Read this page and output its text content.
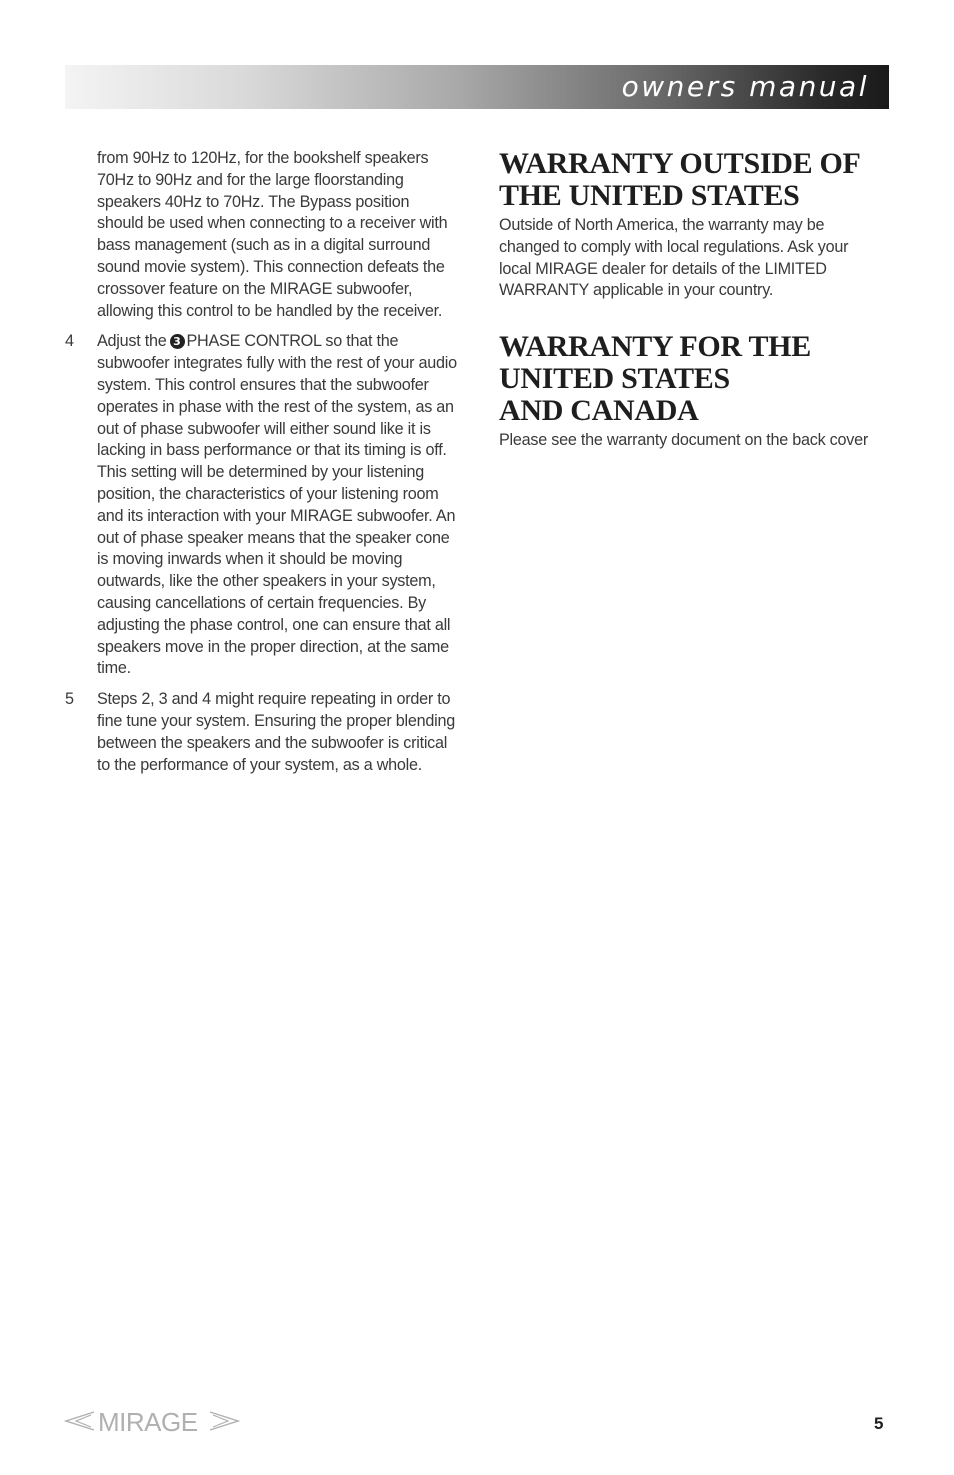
owners manual

from 90Hz to 120Hz, for the bookshelf speakers 70Hz to 90Hz and for the large floorstanding speakers 40Hz to 70Hz. The Bypass position should be used when connecting to a receiver with bass management (such as in a digital surround sound movie system). This connection defeats the crossover feature on the MIRAGE subwoofer, allowing this control to be handled by the receiver.

4	Adjust the 3 PHASE CONTROL so that the subwoofer integrates fully with the rest of your audio system. This control ensures that the subwoofer operates in phase with the rest of the system, as an out of phase subwoofer will either sound like it is lacking in bass performance or that its timing is off. This setting will be determined by your listening position, the characteristics of your listening room and its interaction with your MIRAGE subwoofer. An out of phase speaker means that the speaker cone is moving inwards when it should be moving outwards, like the other speakers in your system, causing cancellations of certain frequencies. By adjusting the phase control, one can ensure that all speakers move in the proper direction, at the same time.
5	Steps 2, 3 and 4 might require repeating in order to fine tune your system. Ensuring the proper blending between the speakers and the subwoofer is critical to the performance of your system, as a whole.
WARRANTY OUTSIDE OF
THE UNITED STATES

Outside of North America, the warranty may be changed to comply with local regulations. Ask your local MIRAGE dealer for details of the LIMITED WARRANTY applicable in your country.

WARRANTY FOR THE
UNITED STATES
AND CANADA

Please see the warranty document on the back cover

MIRAGE	5
